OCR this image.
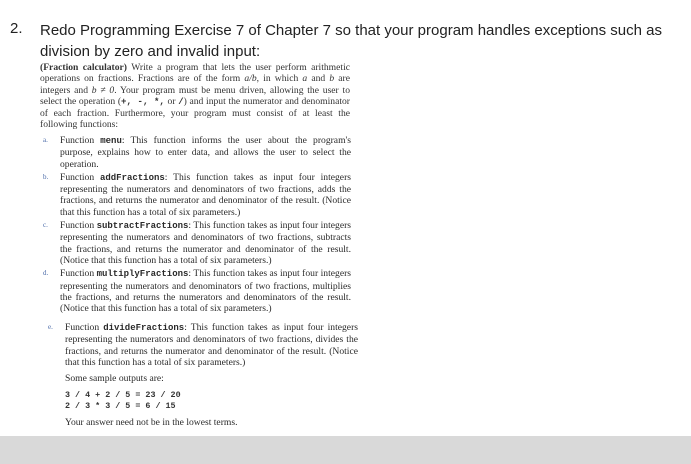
2. Redo Programming Exercise 7 of Chapter 7 so that your program handles exceptions such as division by zero and invalid input:

(Fraction calculator) Write a program that lets the user perform arithmetic operations on fractions. Fractions are of the form a/b, in which a and b are integers and b ≠ 0. Your program must be menu driven, allowing the user to select the operation (+, -, *, or /) and input the numerator and denominator of each fraction. Furthermore, your program must consist of at least the following functions:

a. Function menu: This function informs the user about the program's purpose, explains how to enter data, and allows the user to select the operation.
b. Function addFractions: This function takes as input four integers representing the numerators and denominators of two fractions, adds the fractions, and returns the numerator and denominator of the result. (Notice that this function has a total of six parameters.)
c. Function subtractFractions: This function takes as input four integers representing the numerators and denominators of two fractions, subtracts the fractions, and returns the numerator and denominator of the result. (Notice that this function has a total of six parameters.)
d. Function multiplyFractions: This function takes as input four integers representing the numerators and denominators of two fractions, multiplies the fractions, and returns the numerators and denominators of the result. (Notice that this function has a total of six parameters.)
e. Function divideFractions: This function takes as input four integers representing the numerators and denominators of two fractions, divides the fractions, and returns the numerator and denominator of the result. (Notice that this function has a total of six parameters.)
Some sample outputs are:
3 / 4 + 2 / 5 = 23 / 20
2 / 3 * 3 / 5 = 6 / 15
Your answer need not be in the lowest terms.
